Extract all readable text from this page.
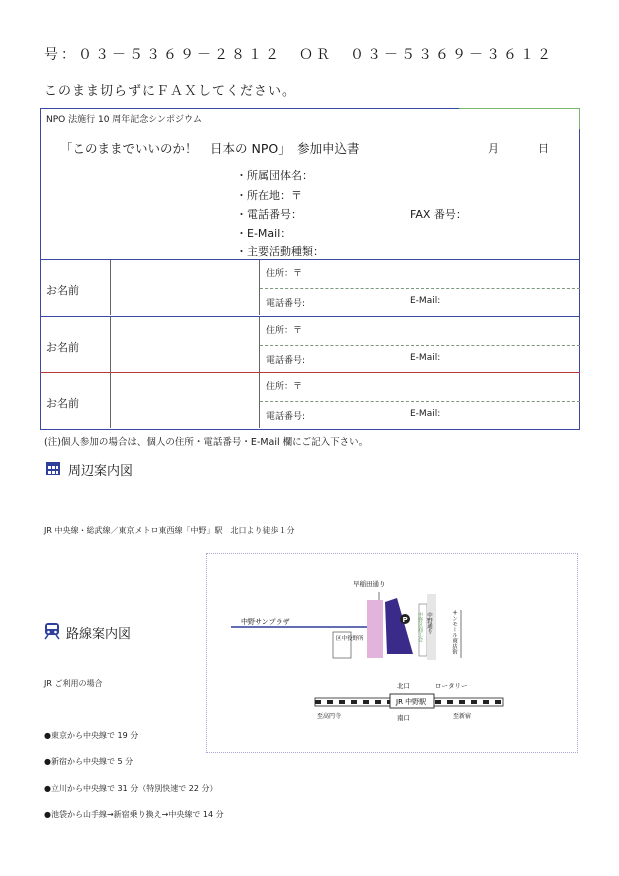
号：０３－５３６９－２８１２　ＯＲ　０３－５３６９－３６１２
このまま切らずにＦＡＸしてください。
NPO 法施行 10 周年記念シンポジウム
「このままでいいのか！　日本の NPO」　参加申込書	月	日
・所属団体名：
・所在地：〒
・電話番号：	FAX 番号：
・E-Mail：
・主要活動種類：
お名前
住所：〒
電話番号:	E-Mail:
お名前
住所：〒
電話番号:	E-Mail:
お名前
住所：〒
電話番号:	E-Mail:
(注)個人参加の場合は、個人の住所・電話番号・E-Mail 欄にご記入下さい。
周辺案内図
JR 中央線・総武線／東京メトロ東西線「中野」駅　北口より徒歩１分
早稲田通り
中野サンプラザ
区中役野所
P 中野区商工会 中野通り	サンモール商店街
北口	ロータリー
JR 中野駅
南口
至高円寺	至新宿
路線案内図
JR ご利用の場合
●東京から中央線で 19 分
●新宿から中央線で 5 分
●立川から中央線で 31 分（特別快速で 22 分）
●池袋から山手線→新宿乗り換え→中央線で 14 分
